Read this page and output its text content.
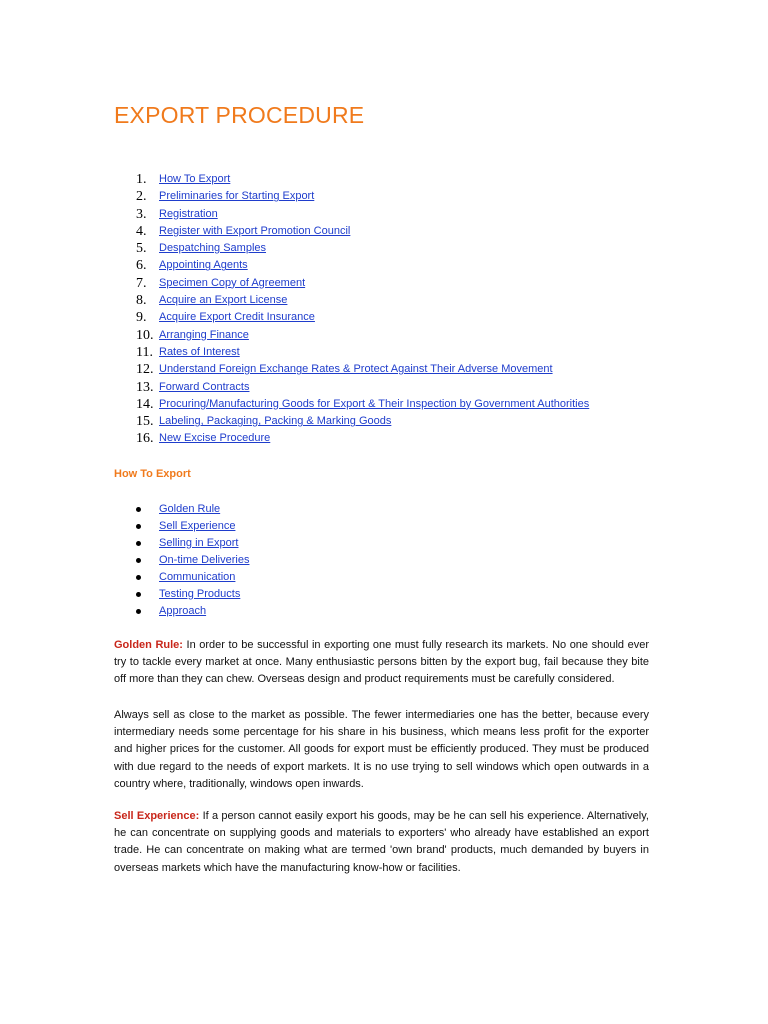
EXPORT PROCEDURE
1. How To Export
2. Preliminaries for Starting Export
3. Registration
4. Register with Export Promotion Council
5. Despatching Samples
6. Appointing Agents
7. Specimen Copy of Agreement
8. Acquire an Export License
9. Acquire Export Credit Insurance
10. Arranging Finance
11. Rates of Interest
12. Understand Foreign Exchange Rates & Protect Against Their Adverse Movement
13. Forward Contracts
14. Procuring/Manufacturing Goods for Export & Their Inspection by Government Authorities
15. Labeling, Packaging, Packing & Marking Goods
16. New Excise Procedure
How To Export
Golden Rule
Sell Experience
Selling in Export
On-time Deliveries
Communication
Testing Products
Approach

Golden Rule: In order to be successful in exporting one must fully research its markets. No one should ever try to tackle every market at once. Many enthusiastic persons bitten by the export bug, fail because they bite off more than they can chew. Overseas design and product requirements must be carefully considered.

Always sell as close to the market as possible. The fewer intermediaries one has the better, because every intermediary needs some percentage for his share in his business, which means less profit for the exporter and higher prices for the customer. All goods for export must be efficiently produced. They must be produced with due regard to the needs of export markets. It is no use trying to sell windows which open outwards in a country where, traditionally, windows open inwards.

Sell Experience: If a person cannot easily export his goods, may be he can sell his experience. Alternatively, he can concentrate on supplying goods and materials to exporters' who already have established an export trade. He can concentrate on making what are termed 'own brand' products, much demanded by buyers in overseas markets which have the manufacturing know-how or facilities.
